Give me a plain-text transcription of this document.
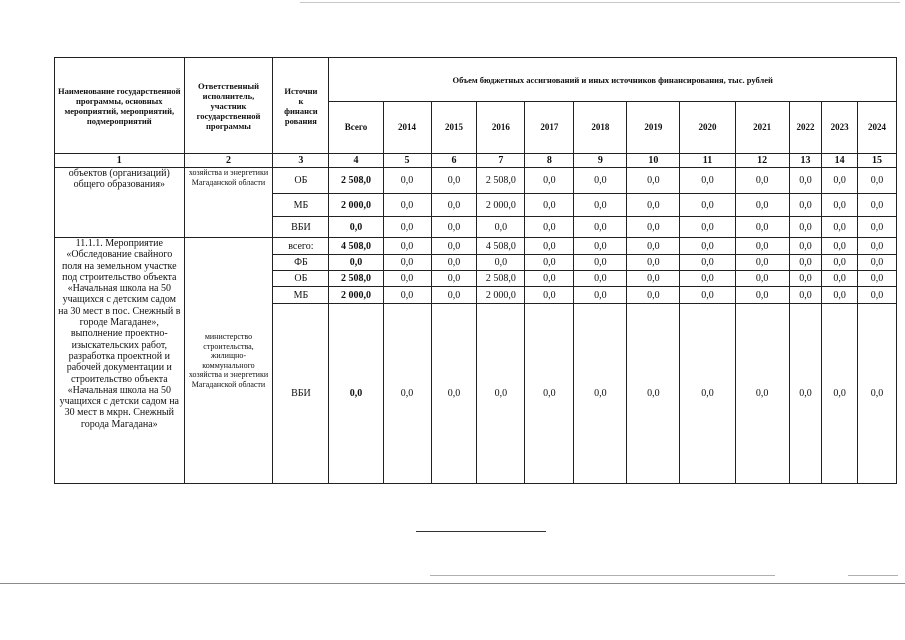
Наименование государственной программы, основных мероприятий, мероприятий, подмероприятий	Ответственный исполнитель, участник государственной программы	Источни
к
финанси
рования	Объем бюджетных ассигнований и иных источников финансирования, тыс. рублей											
			Всего	2014	2015	2016	2017	2018	2019	2020	2021	2022	2023	2024
1	2	3	4	5	6	7	8	9	10	11	12	13	14	15
объектов (организаций) общего образования»	хозяйства и энергетики Магаданской области	ОБ	2 508,0	0,0	0,0	2 508,0	0,0	0,0	0,0	0,0	0,0	0,0	0,0	0,0
		МБ	2 000,0	0,0	0,0	2 000,0	0,0	0,0	0,0	0,0	0,0	0,0	0,0	0,0
		ВБИ	0,0	0,0	0,0	0,0	0,0	0,0	0,0	0,0	0,0	0,0	0,0	0,0
11.1.1. Мероприятие «Обследование свайного поля на земельном участке под строительство объекта «Начальная школа на 50 учащихся с детским садом на 30 мест в пос. Снежный в городе Магадане», выполнение проектно-изыскательских работ, разработка проектной и рабочей документации и строительство объекта «Начальная школа на 50 учащихся с детски садом на 30 мест в мкрн. Снежный города Магадана»	министерство строительства, жилищно-коммунального хозяйства и энергетики Магаданской области	всего:	4 508,0	0,0	0,0	4 508,0	0,0	0,0	0,0	0,0	0,0	0,0	0,0	0,0
		ФБ	0,0	0,0	0,0	0,0	0,0	0,0	0,0	0,0	0,0	0,0	0,0	0,0
		ОБ	2 508,0	0,0	0,0	2 508,0	0,0	0,0	0,0	0,0	0,0	0,0	0,0	0,0
		МБ	2 000,0	0,0	0,0	2 000,0	0,0	0,0	0,0	0,0	0,0	0,0	0,0	0,0
		ВБИ	0,0	0,0	0,0	0,0	0,0	0,0	0,0	0,0	0,0	0,0	0,0	0,0
